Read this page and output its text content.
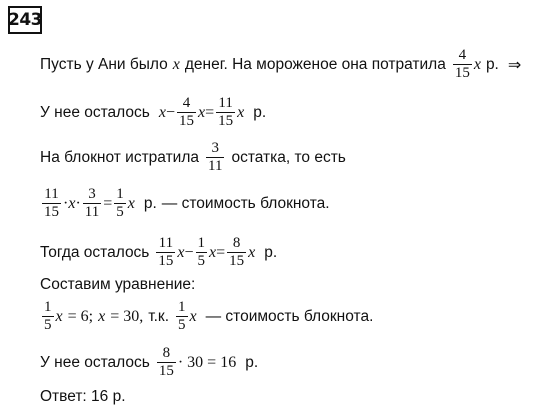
243
Пусть у Ани было x денег. На мороженое она потратила $\frac{4}{15}$ x р. ⇒
У нее осталось $x - \frac{4}{15}$ $x = \frac{11}{15}$ x р.
На блокнот истратила $\frac{3}{11}$ остатка, то есть
$\frac{11}{15} \cdot x \cdot \frac{3}{11} = \frac{1}{5}$ x р. — стоимость блокнота.
Тогда осталось $\frac{11}{15}$ $x - \frac{1}{5}$ $x = \frac{8}{15}$ x р.
Составим уравнение:
$\frac{1}{5}$ x = 6; x = 30, т.к. $\frac{1}{5}$ x — стоимость блокнота.
У нее осталось $\frac{8}{15} \cdot 30 = 16$ р.
Ответ: 16 р.
